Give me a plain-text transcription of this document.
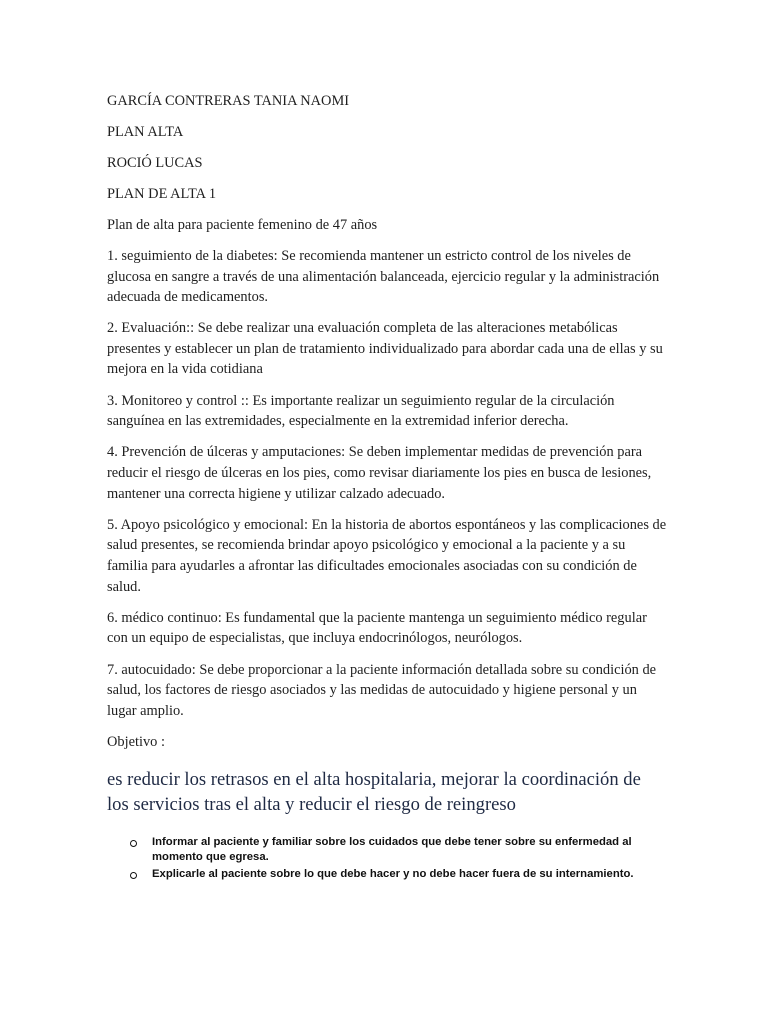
GARCÍA CONTRERAS TANIA NAOMI

PLAN ALTA

ROCIÓ LUCAS

PLAN DE ALTA 1

Plan de alta para paciente femenino de 47 años

1. seguimiento de la diabetes: Se recomienda mantener un estricto control de los niveles de glucosa en sangre a través de una alimentación balanceada, ejercicio regular y la administración adecuada de medicamentos.

2. Evaluación:: Se debe realizar una evaluación completa de las alteraciones metabólicas presentes y establecer un plan de tratamiento individualizado para abordar cada una de ellas y su mejora en la vida cotidiana

3. Monitoreo y control :: Es importante realizar un seguimiento regular de la circulación sanguínea en las extremidades, especialmente en la extremidad inferior derecha.

4. Prevención de úlceras y amputaciones: Se deben implementar medidas de prevención para reducir el riesgo de úlceras en los pies, como revisar diariamente los pies en busca de lesiones, mantener una correcta higiene y utilizar calzado adecuado.

5. Apoyo psicológico y emocional: En la historia de abortos espontáneos y las complicaciones de salud presentes, se recomienda brindar apoyo psicológico y emocional a la paciente y a su familia para ayudarles a afrontar las dificultades emocionales asociadas con su condición de salud.

6. médico continuo: Es fundamental que la paciente mantenga un seguimiento médico regular con un equipo de especialistas, que incluya endocrinólogos, neurólogos.

7. autocuidado: Se debe proporcionar a la paciente información detallada sobre su condición de salud, los factores de riesgo asociados y las medidas de autocuidado y higiene personal y un lugar amplio.

Objetivo :

es reducir los retrasos en el alta hospitalaria, mejorar la coordinación de los servicios tras el alta y reducir el riesgo de reingreso

Informar al paciente y familiar sobre los cuidados que debe tener sobre su enfermedad al momento que egresa.
Explicarle al paciente sobre lo que debe hacer y no debe hacer fuera de su internamiento.
